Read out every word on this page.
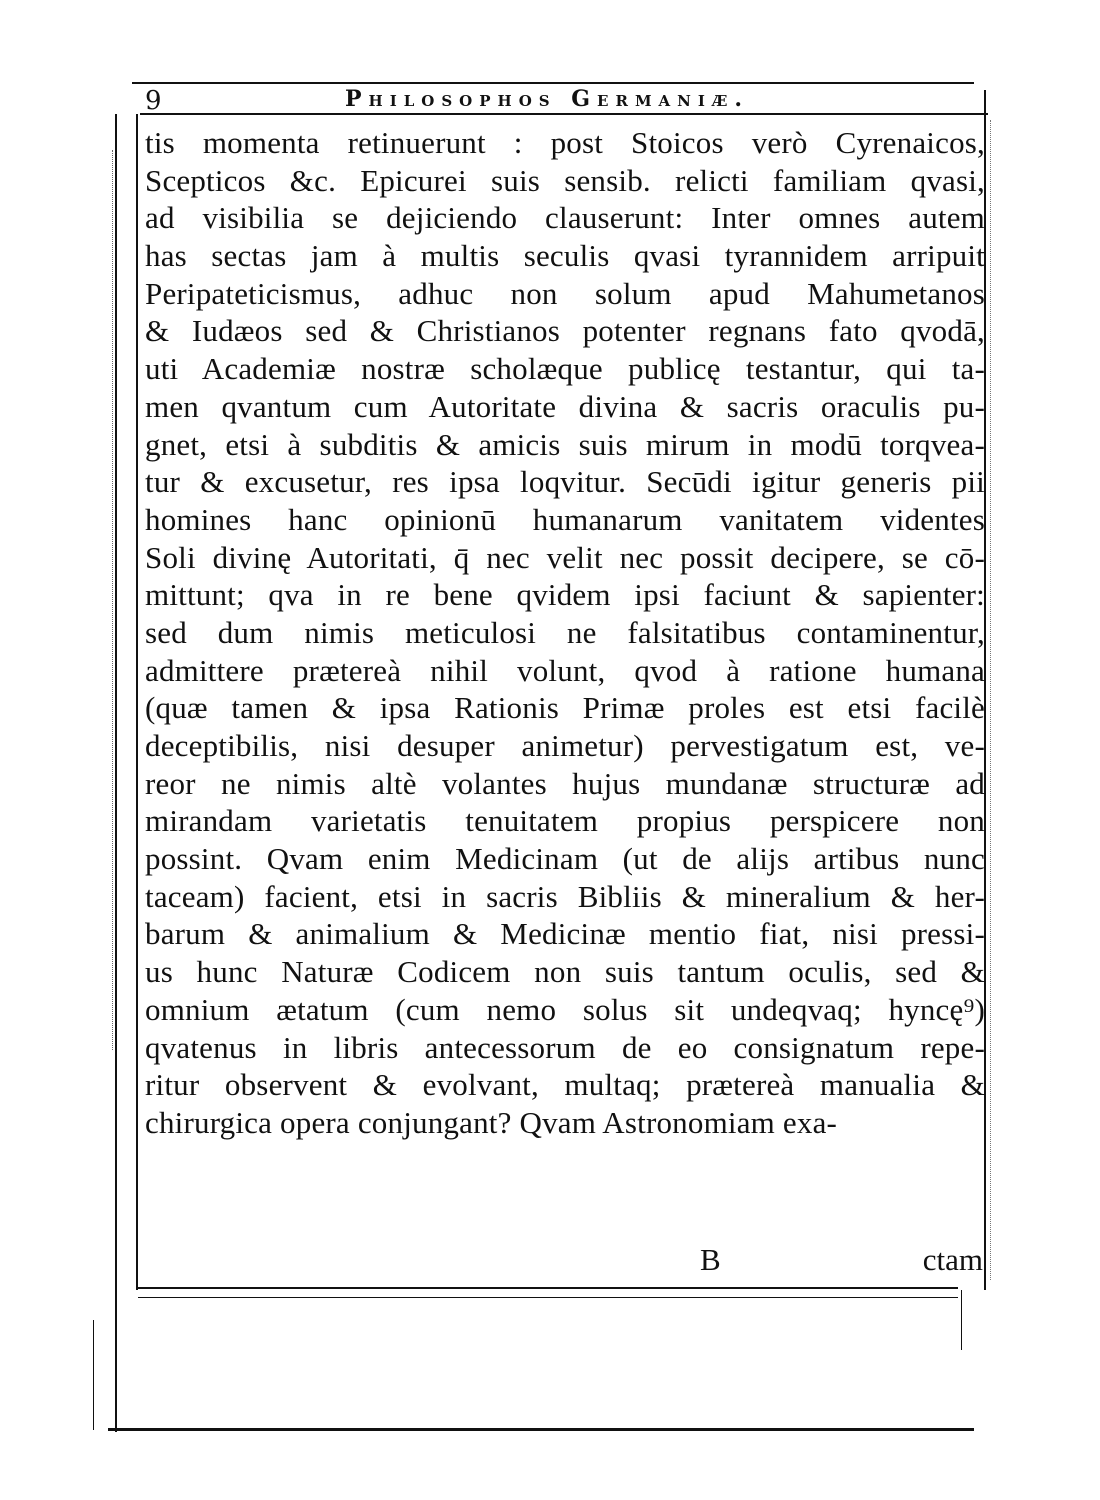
9	Philosophos Germaniæ.
tis momenta retinuerunt : post Stoicos verò Cyrenaicos,
Scepticos &c. Epicurei suis sensib. relicti familiam qvasi,
ad visibilia se dejiciendo clauserunt: Inter omnes autem
has sectas jam à multis seculis qvasi tyrannidem arripuit
Peripateticismus, adhuc non solum apud Mahumetanos
& Iudæos sed & Christianos potenter regnans fato qvodā,
uti Academiæ nostræ scholæque publicę testantur, qui ta-
men qvantum cum Autoritate divina & sacris oraculis pu-
gnet, etsi à subditis & amicis suis mirum in modū torqvea-
tur & excusetur, res ipsa loqvitur. Secūdi igitur generis pii
homines hanc opinionū humanarum vanitatem videntes
Soli divinę Autoritati, q̄ nec velit nec possit decipere, se cō-
mittunt; qva in re bene qvidem ipsi faciunt & sapienter:
sed dum nimis meticulosi ne falsitatibus contaminentur,
admittere prætereà nihil volunt, qvod à ratione humana
(quæ tamen & ipsa Rationis Primæ proles est etsi facilè
deceptibilis, nisi desuper animetur) pervestigatum est, ve-
reor ne nimis altè volantes hujus mundanæ structuræ ad
mirandam varietatis tenuitatem propius perspicere non
possint. Qvam enim Medicinam (ut de alijs artibus nunc
taceam) facient, etsi in sacris Bibliis & mineralium & her-
barum & animalium & Medicinæ mentio fiat, nisi pressi-
us hunc Naturæ Codicem non suis tantum oculis, sed &
omnium ætatum (cum nemo solus sit undeqvaq; hyncę⁹)
qvatenus in libris antecessorum de eo consignatum repe-
ritur observent & evolvant, multaq; prætereà manualia &
chirurgica opera conjungant? Qvam Astronomiam exa-
B	ctam
